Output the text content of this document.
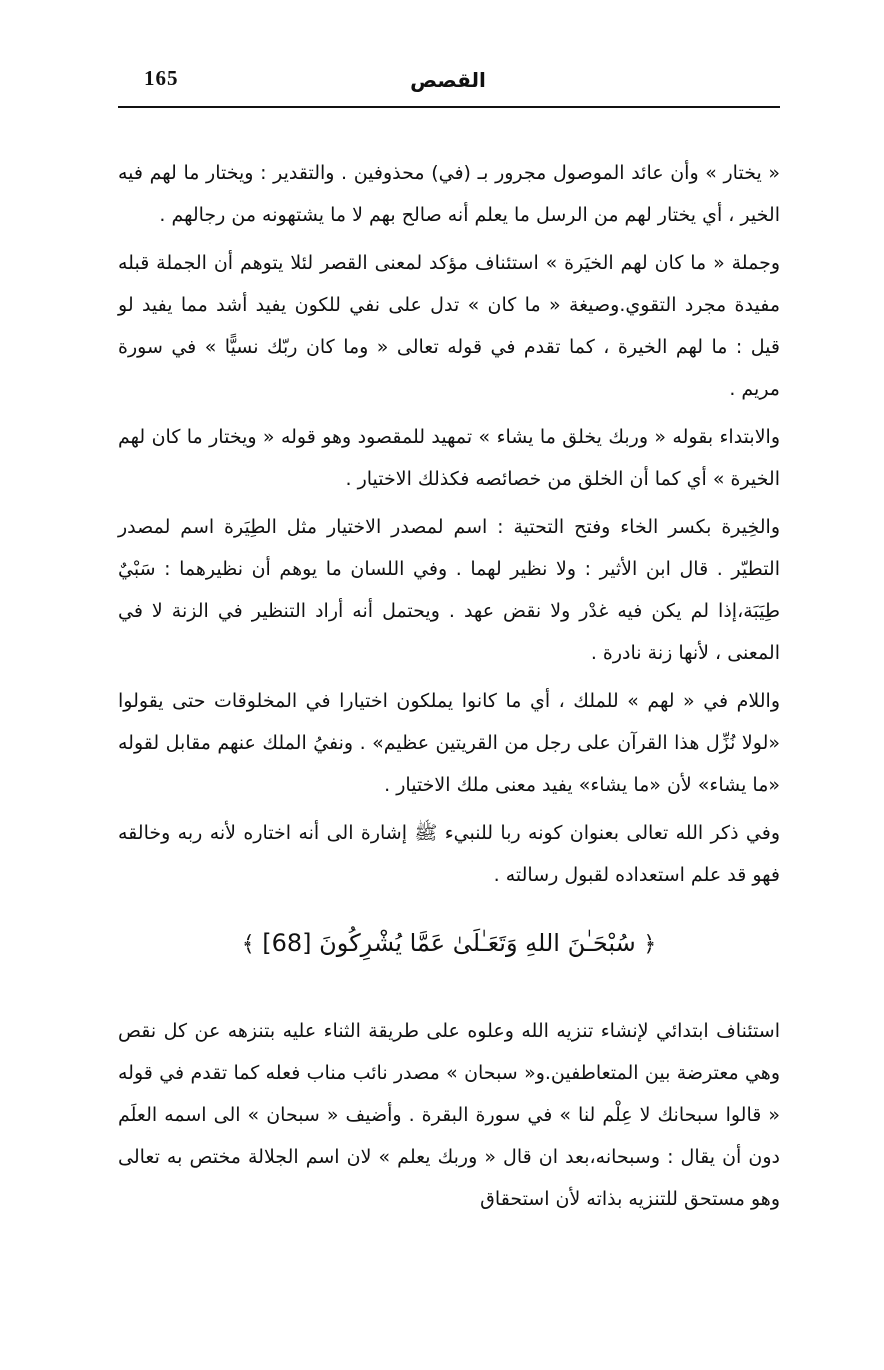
165	القصص

« يختار » وأن عائد الموصول مجرور بـ (في) محذوفين . والتقدير : ويختار ما لهم فيه الخير ، أي يختار لهم من الرسل ما يعلم أنه صالح بهم لا ما يشتهونه من رجالهم .

وجملة « ما كان لهم الخيَرة » استئناف مؤكد لمعنى القصر لئلا يتوهم أن الجملة قبله مفيدة مجرد التقوي.وصيغة « ما كان » تدل على نفي للكون يفيد أشد مما يفيد لو قيل : ما لهم الخيرة ، كما تقدم في قوله تعالى « وما كان ربّك نسيًّا » في سورة مريم .

والابتداء بقوله « وربك يخلق ما يشاء » تمهيد للمقصود وهو قوله « ويختار ما كان لهم الخيرة » أي كما أن الخلق من خصائصه فكذلك الاختيار .

والخِيرة بكسر الخاء وفتح التحتية : اسم لمصدر الاختيار مثل الطِيَرة اسم لمصدر التطيّر . قال ابن الأثير : ولا نظير لهما . وفي اللسان ما يوهم أن نظيرهما : سَبْيٌ طِيَبَة،إذا لم يكن فيه غدْر ولا نقض عهد . ويحتمل أنه أراد التنظير في الزنة لا في المعنى ، لأنها زنة نادرة .

واللام في « لهم » للملك ، أي ما كانوا يملكون اختيارا في المخلوقات حتى يقولوا «لولا نُزِّل هذا القرآن على رجل من القريتين عظيم» . ونفيُ الملك عنهم مقابل لقوله «ما يشاء» لأن «ما يشاء» يفيد معنى ملك الاختيار .

وفي ذكر الله تعالى بعنوان كونه ربا للنبيء ﷺ إشارة الى أنه اختاره لأنه ربه وخالقه فهو قد علم استعداده لقبول رسالته .

﴿ سُبْحَـٰنَ اللهِ وَتَعَـٰلَىٰ عَمَّا يُشْرِكُونَ [68] ﴾

استئناف ابتدائي لإنشاء تنزيه الله وعلوه على طريقة الثناء عليه بتنزهه عن كل نقص وهي معترضة بين المتعاطفين.و« سبحان » مصدر نائب مناب فعله كما تقدم في قوله « قالوا سبحانك لا عِلْم لنا » في سورة البقرة . وأضيف « سبحان » الى اسمه العلَم دون أن يقال : وسبحانه،بعد ان قال « وربك يعلم » لان اسم الجلالة مختص به تعالى وهو مستحق للتنزيه بذاته لأن استحقاق
